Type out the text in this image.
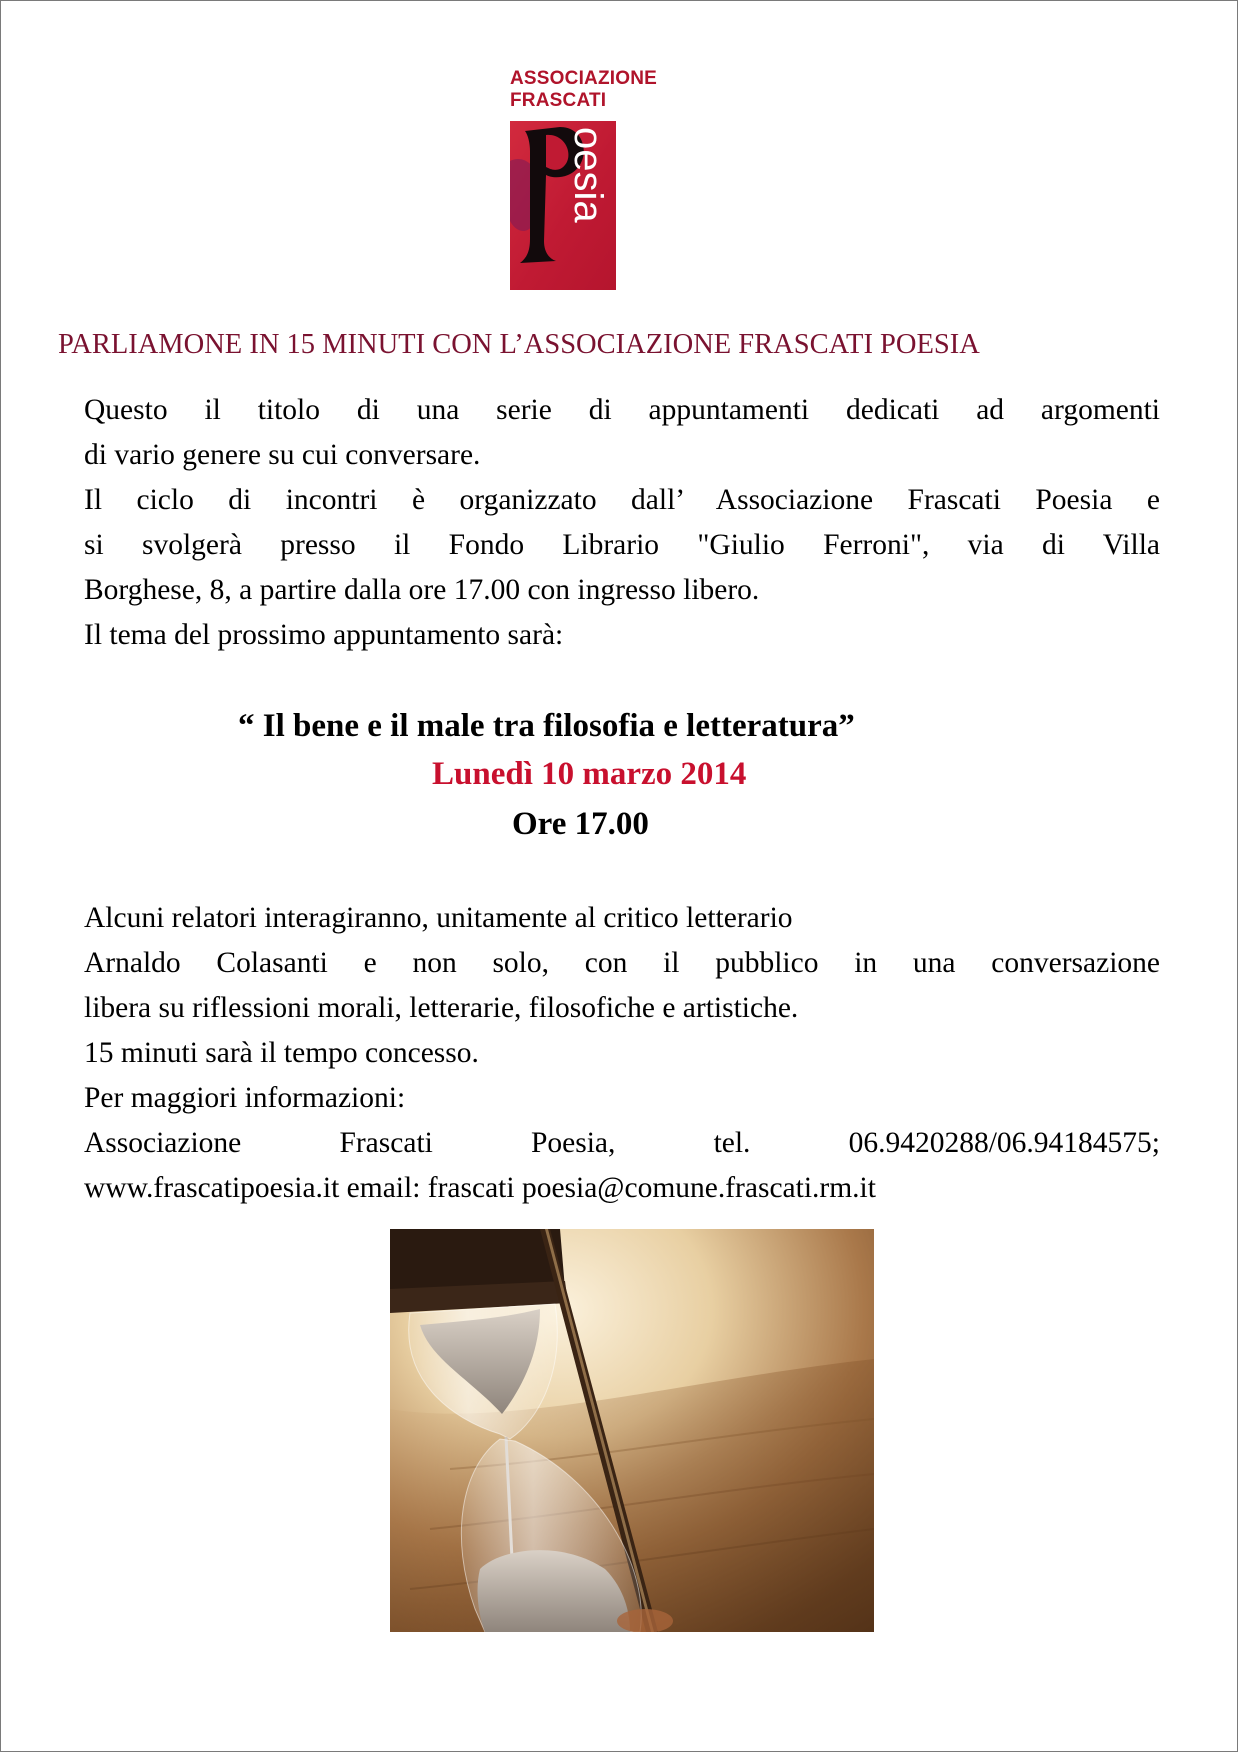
ASSOCIAZIONE
FRASCATI
oesia
PARLIAMONE IN 15 MINUTI CON L’ASSOCIAZIONE FRASCATI POESIA

Questo il titolo di una serie di appuntamenti dedicati ad argomenti

di vario genere su cui conversare.

Il ciclo di incontri è organizzato dall’ Associazione Frascati Poesia e

si svolgerà presso il Fondo Librario "Giulio Ferroni", via di Villa

Borghese, 8, a partire dalla ore 17.00 con ingresso libero.

Il tema del prossimo appuntamento sarà:

“ Il bene e il male tra filosofia e letteratura”
Lunedì 10 marzo 2014
Ore 17.00

Alcuni relatori interagiranno, unitamente al critico letterario

Arnaldo Colasanti e non solo, con il pubblico in una conversazione

libera su riflessioni morali, letterarie, filosofiche e artistiche.

15 minuti sarà il tempo concesso.

Per maggiori informazioni:

Associazione Frascati Poesia, tel. 06.9420288/06.94184575;

www.frascatipoesia.it email: frascati poesia@comune.frascati.rm.it
